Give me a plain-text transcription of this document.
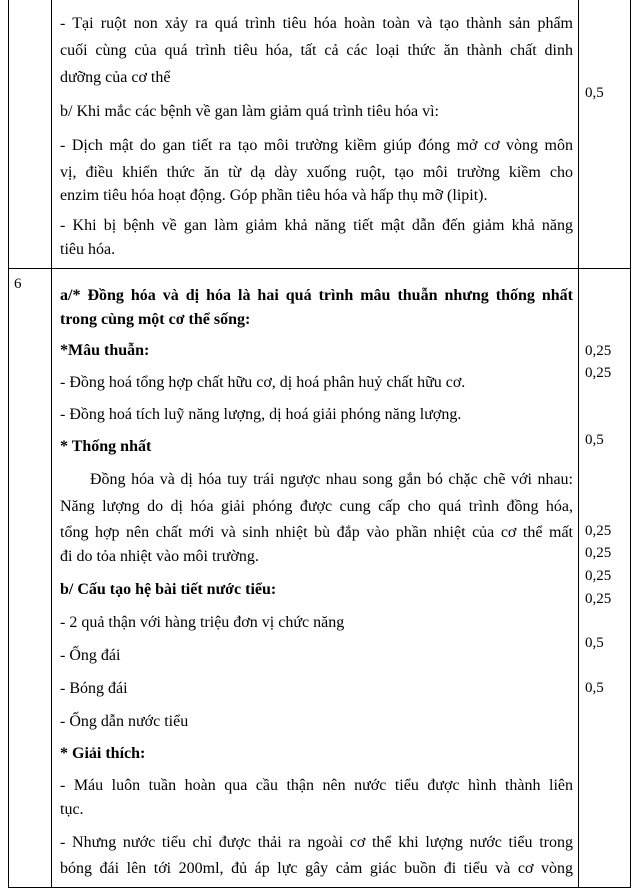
- Tại ruột non xảy ra quá trình tiêu hóa hoàn toàn và tạo thành sản phẩm
cuối cùng của quá trình tiêu hóa, tất cả các loại thức ăn thành chất dinh
dưỡng của cơ thể
b/ Khi mắc các bệnh về gan làm giảm quá trình tiêu hóa vì:
- Dịch mật do gan tiết ra tạo môi trường kiềm giúp đóng mở cơ vòng môn
vị, điều khiển thức ăn từ dạ dày xuống ruột, tạo môi trường kiềm cho
enzim tiêu hóa hoạt động. Góp phần tiêu hóa và hấp thụ mỡ (lipit).
- Khi bị bệnh về gan làm giảm khả năng tiết mật dẫn đến giảm khả năng
tiêu hóa.
0,5
6
a/* Đồng hóa và dị hóa là hai quá trình mâu thuẫn nhưng thống nhất
trong cùng một cơ thể sống:
*Mâu thuẫn:
- Đồng hoá tổng hợp chất hữu cơ, dị hoá phân huỷ chất hữu cơ.
- Đồng hoá tích luỹ năng lượng, dị hoá giải phóng năng lượng.
* Thống nhất
Đồng hóa và dị hóa tuy trái ngược nhau song gắn bó chặc chẽ với nhau:
Năng lượng do dị hóa giải phóng được cung cấp cho quá trình đồng hóa,
tổng hợp nên chất mới và sinh nhiệt bù đắp vào phần nhiệt của cơ thể mất
đi do tỏa nhiệt vào môi trường.
b/ Cấu tạo hệ bài tiết nước tiểu:
- 2 quả thận với hàng triệu đơn vị chức năng
- Ống đái
- Bóng đái
- Ống dẫn nước tiểu
* Giải thích:
- Máu luôn tuần hoàn qua cầu thận nên nước tiểu được hình thành liên
tục.
- Nhưng nước tiểu chỉ được thải ra ngoài cơ thể khi lượng nước tiểu trong
bóng đái lên tới 200ml, đủ áp lực gây cảm giác buồn đi tiểu và cơ vòng
0,25
0,25
0,5
0,25
0,25
0,25
0,25
0,5
0,5
